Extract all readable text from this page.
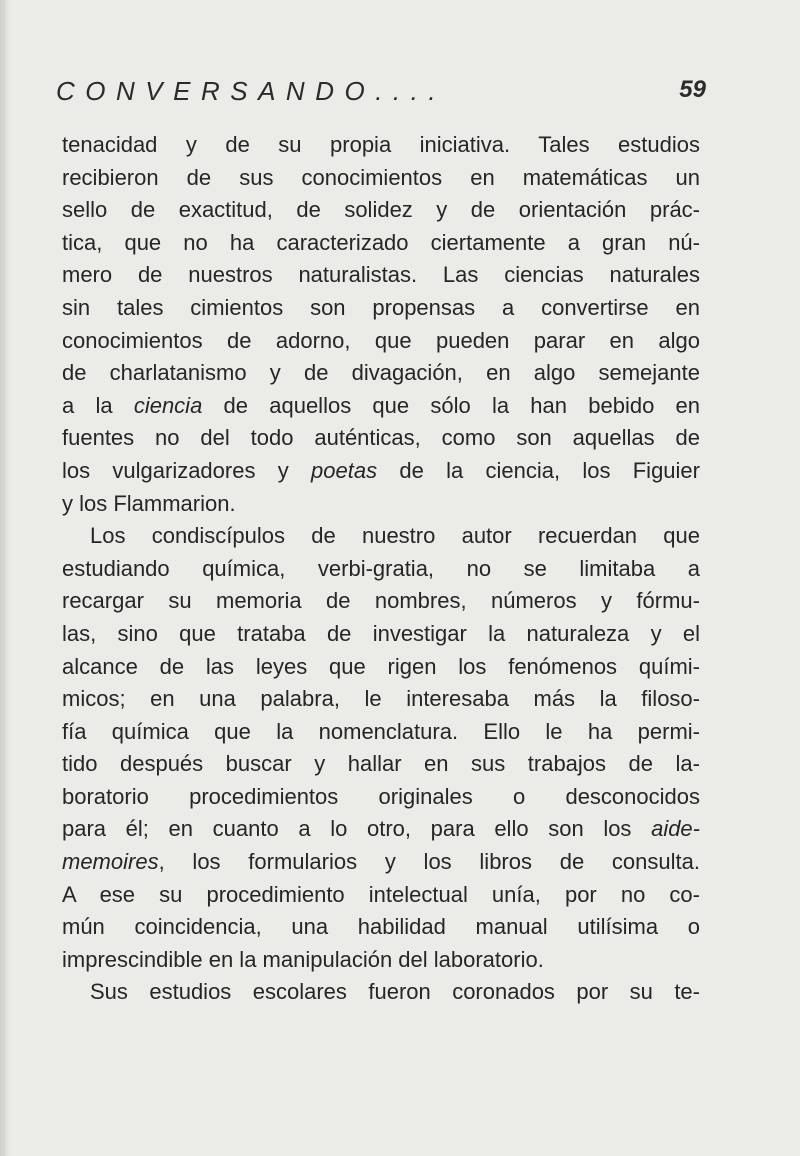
CONVERSANDO....	59
tenacidad y de su propia iniciativa. Tales estudios
recibieron de sus conocimientos en matemáticas un
sello de exactitud, de solidez y de orientación prác-
tica, que no ha caracterizado ciertamente a gran nú-
mero de nuestros naturalistas. Las ciencias naturales
sin tales cimientos son propensas a convertirse en
conocimientos de adorno, que pueden parar en algo
de charlatanismo y de divagación, en algo semejante
a la ciencia de aquellos que sólo la han bebido en
fuentes no del todo auténticas, como son aquellas de
los vulgarizadores y poetas de la ciencia, los Figuier
y los Flammarion.
Los condiscípulos de nuestro autor recuerdan que
estudiando química, verbi-gratia, no se limitaba a
recargar su memoria de nombres, números y fórmu-
las, sino que trataba de investigar la naturaleza y el
alcance de las leyes que rigen los fenómenos quími-
micos; en una palabra, le interesaba más la filoso-
fía química que la nomenclatura. Ello le ha permi-
tido después buscar y hallar en sus trabajos de la-
boratorio procedimientos originales o desconocidos
para él; en cuanto a lo otro, para ello son los aide-
memoires, los formularios y los libros de consulta.
A ese su procedimiento intelectual unía, por no co-
mún coincidencia, una habilidad manual utilísima o
imprescindible en la manipulación del laboratorio.
Sus estudios escolares fueron coronados por su te-
